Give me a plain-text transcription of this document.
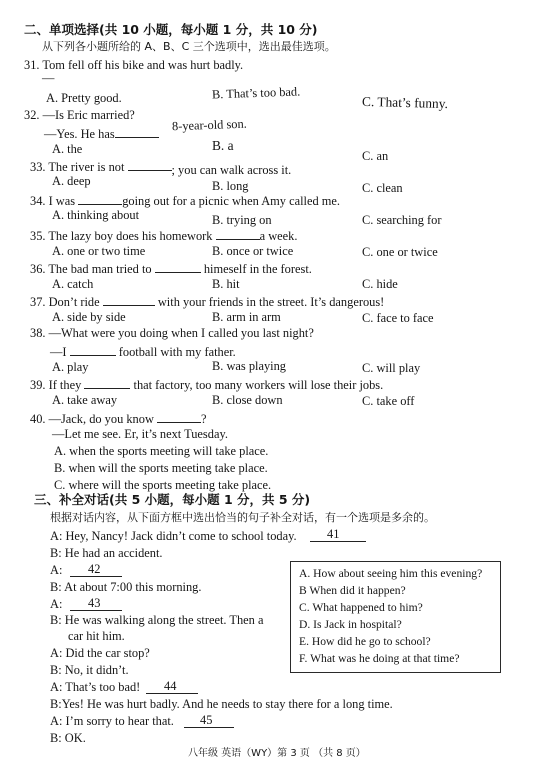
二、单项选择(共 10 小题，每小题 1 分，共 10 分)
从下列各小题所给的 A、B、C 三个选项中，选出最佳选项。
31. Tom fell off his bike and was hurt badly.
—
A. Pretty good.	B. That’s too bad.
C. That’s funny.
32. —Is Eric married?
—Yes. He has
8-year-old son.
A. the	B. a
C. an
33. The river is not	; you can walk across it.
A. deep	B. long	C. clean
34. I was	going out for a picnic when Amy called me.
A. thinking about	B. trying on	C. searching for
35. The lazy boy does his homework	a week.
A. one or two time	B. once or twice	C. one or twice
36. The bad man tried to	himeself in the forest.
A. catch	B. hit	C. hide
37. Don’t ride	with your friends in the street. It’s dangerous!
A. side by side	B. arm in arm	C. face to face
38. —What were you doing when I called you last night?
—I	football with my father.
A. play	B. was playing	C. will play
39. If they	that factory, too many workers will lose their jobs.
A. take away	B. close down	C. take off
40. —Jack, do you know	?
—Let me see. Er, it’s next Tuesday.
A. when the sports meeting will take place.
B. when will the sports meeting take place.
C. where will the sports meeting take place.
三、补全对话(共 5 小题，每小题 1 分，共 5 分)
根据对话内容，从下面方框中选出恰当的句子补全对话，有一个选项是多余的。
A: Hey, Nancy! Jack didn’t come to school today. 41
B: He had an accident.
A: 42
B: At about 7:00 this morning.
A: 43
B: He was walking along the street. Then a
car hit him.
A: Did the car stop?
B: No, it didn’t.
A: That’s too bad! 44
B:Yes! He was hurt badly. And he needs to stay there for a long time.
A: I’m sorry to hear that. 45
B: OK.
A. How about seeing him this evening?
B When did it happen?
C. What happened to him?
D. Is Jack in hospital?
E. How did he go to school?
F. What was he doing at that time?
八年级 英语（WY）第 3 页 （共 8 页）
